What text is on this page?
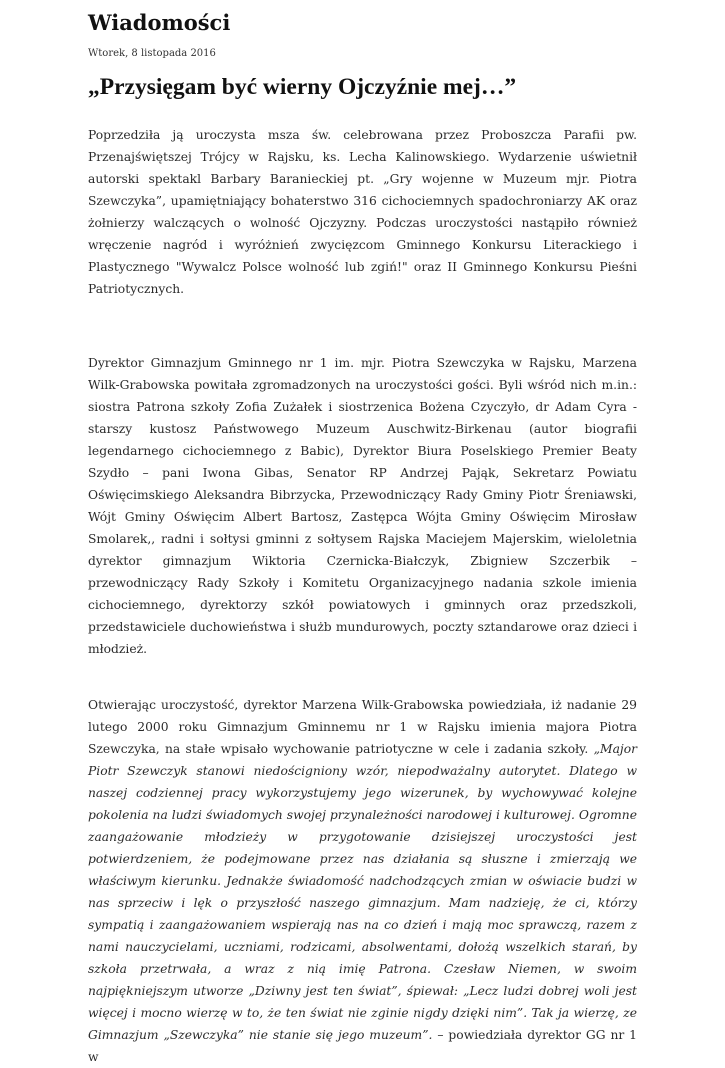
Wiadomości
Wtorek, 8 listopada 2016
„Przysięgam być wierny Ojczyźnie mej…”

Poprzedziła ją uroczysta msza św. celebrowana przez Proboszcza Parafii pw. Przenajświętszej Trójcy w Rajsku, ks. Lecha Kalinowskiego. Wydarzenie uświetnił autorski spektakl Barbary Baranieckiej pt. „Gry wojenne w Muzeum mjr. Piotra Szewczyka”, upamiętniający bohaterstwo 316 cichociemnych spadochroniarzy AK oraz żołnierzy walczących o wolność Ojczyzny. Podczas uroczystości nastąpiło również wręczenie nagród i wyróżnień zwycięzcom Gminnego Konkursu Literackiego i Plastycznego "Wywalcz Polsce wolność lub zgiń!" oraz II Gminnego Konkursu Pieśni Patriotycznych.

Dyrektor Gimnazjum Gminnego nr 1 im. mjr. Piotra Szewczyka w Rajsku, Marzena Wilk-Grabowska powitała zgromadzonych na uroczystości gości. Byli wśród nich m.in.: siostra Patrona szkoły Zofia Zużałek i siostrzenica Bożena Czyczyło, dr Adam Cyra - starszy kustosz Państwowego Muzeum Auschwitz-Birkenau (autor biografii legendarnego cichociemnego z Babic), Dyrektor Biura Poselskiego Premier Beaty Szydło – pani Iwona Gibas, Senator RP Andrzej Pająk, Sekretarz Powiatu Oświęcimskiego Aleksandra Bibrzycka, Przewodniczący Rady Gminy Piotr Śreniawski, Wójt Gminy Oświęcim Albert Bartosz, Zastępca Wójta Gminy Oświęcim Mirosław Smolarek,, radni i sołtysi gminni z sołtysem Rajska Maciejem Majerskim, wieloletnia dyrektor gimnazjum Wiktoria Czernicka-Białczyk, Zbigniew Szczerbik – przewodniczący Rady Szkoły i Komitetu Organizacyjnego nadania szkole imienia cichociemnego, dyrektorzy szkół powiatowych i gminnych oraz przedszkoli, przedstawiciele duchowieństwa i służb mundurowych, poczty sztandarowe oraz dzieci i młodzież.

Otwierając uroczystość, dyrektor Marzena Wilk-Grabowska powiedziała, iż nadanie 29 lutego 2000 roku Gimnazjum Gminnemu nr 1 w Rajsku imienia majora Piotra Szewczyka, na stałe wpisało wychowanie patriotyczne w cele i zadania szkoły. „Major Piotr Szewczyk stanowi niedościgniony wzór, niepodważalny autorytet. Dlatego w naszej codziennej pracy wykorzystujemy jego wizerunek, by wychowywać kolejne pokolenia na ludzi świadomych swojej przynależności narodowej i kulturowej. Ogromne zaangażowanie młodzieży w przygotowanie dzisiejszej uroczystości jest potwierdzeniem, że podejmowane przez nas działania są słuszne i zmierzają we właściwym kierunku. Jednakże świadomość nadchodzących zmian w oświacie budzi w nas sprzeciw i lęk o przyszłość naszego gimnazjum. Mam nadzieję, że ci, którzy sympatią i zaangażowaniem wspierają nas na co dzień i mają moc sprawczą, razem z nami nauczycielami, uczniami, rodzicami, absolwentami, dołożą wszelkich starań, by szkoła przetrwała, a wraz z nią imię Patrona. Czesław Niemen, w swoim najpiękniejszym utworze „Dziwny jest ten świat”, śpiewał: „Lecz ludzi dobrej woli jest więcej i mocno wierzę w to, że ten świat nie zginie nigdy dzięki nim”. Tak ja wierzę, ze Gimnazjum „Szewczyka” nie stanie się jego muzeum”. – powiedziała dyrektor GG nr 1 w
